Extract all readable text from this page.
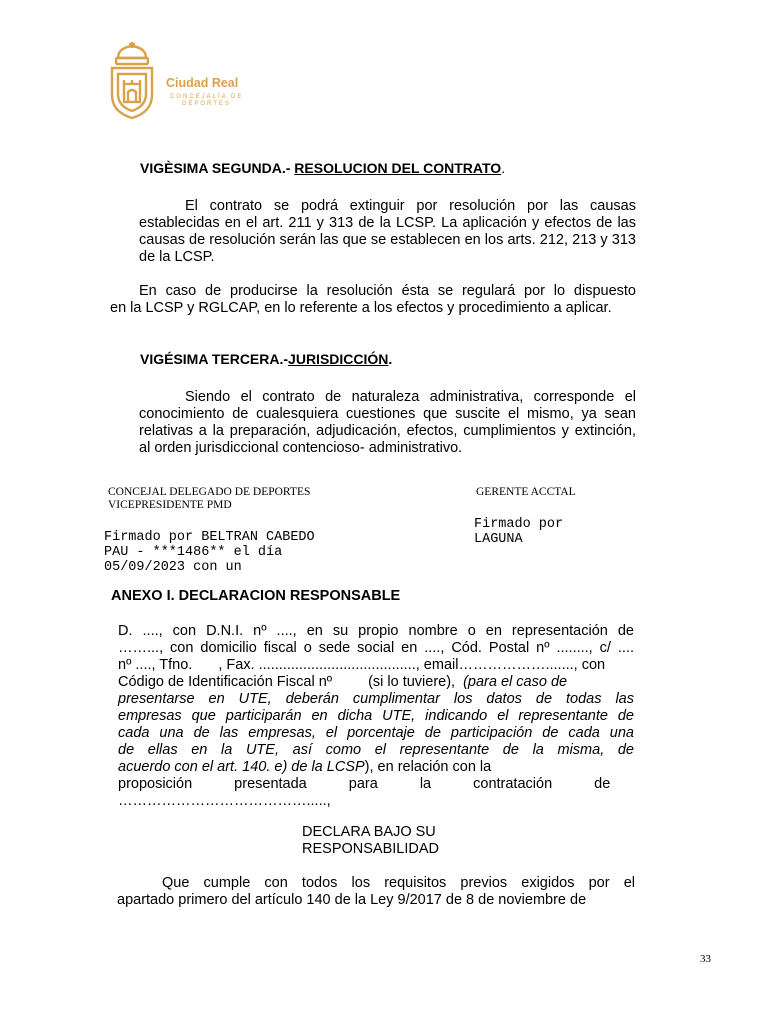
Ciudad Real
CONCEJALÍA DE
DEPORTES
VIGÈSIMA SEGUNDA.- RESOLUCION DEL CONTRATO.
El contrato se podrá extinguir por resolución por las causas establecidas en el art. 211 y 313 de la LCSP. La aplicación y efectos de las causas de resolución serán las que se establecen en los arts. 212, 213 y 313 de la LCSP.
En caso de producirse la resolución ésta se regulará por lo dispuesto
en la LCSP y RGLCAP, en lo referente a los efectos y procedimiento a aplicar.
VIGÉSIMA TERCERA.-JURISDICCIÓN.
Siendo el contrato de naturaleza administrativa, corresponde el conocimiento de cualesquiera cuestiones que suscite el mismo, ya sean relativas a la preparación, adjudicación, efectos, cumplimientos y extinción, al orden jurisdiccional contencioso- administrativo.
CONCEJAL DELEGADO DE DEPORTES
VICEPRESIDENTE PMD
Firmado por BELTRAN CABEDO
PAU - ***1486** el día
05/09/2023 con un
GERENTE ACCTAL
Firmado por
LAGUNA
ANEXO I. DECLARACION RESPONSABLE
D. ...., con D.N.I. nº ...., en su propio nombre o en representación de
……..., con domicilio fiscal o sede social en ...., Cód. Postal nº ........, c/ ....
nº ...., Tfno. , Fax. ......................................., email………………......., con
Código de Identificación Fiscal nº (si lo tuviere), (para el caso de
presentarse en UTE, deberán cumplimentar los datos de todas las
empresas que participarán en dicha UTE, indicando el representante de
cada una de las empresas, el porcentaje de participación de cada una
de ellas en la UTE, así como el representante de la misma, de
acuerdo con el art. 140. e) de la LCSP), en relación con la
proposición presentada para la contratación de
………………………………….....,
DECLARA BAJO SU
RESPONSABILIDAD
Que cumple con todos los requisitos previos exigidos por el
apartado primero del artículo 140 de la Ley 9/2017 de 8 de noviembre de
33
